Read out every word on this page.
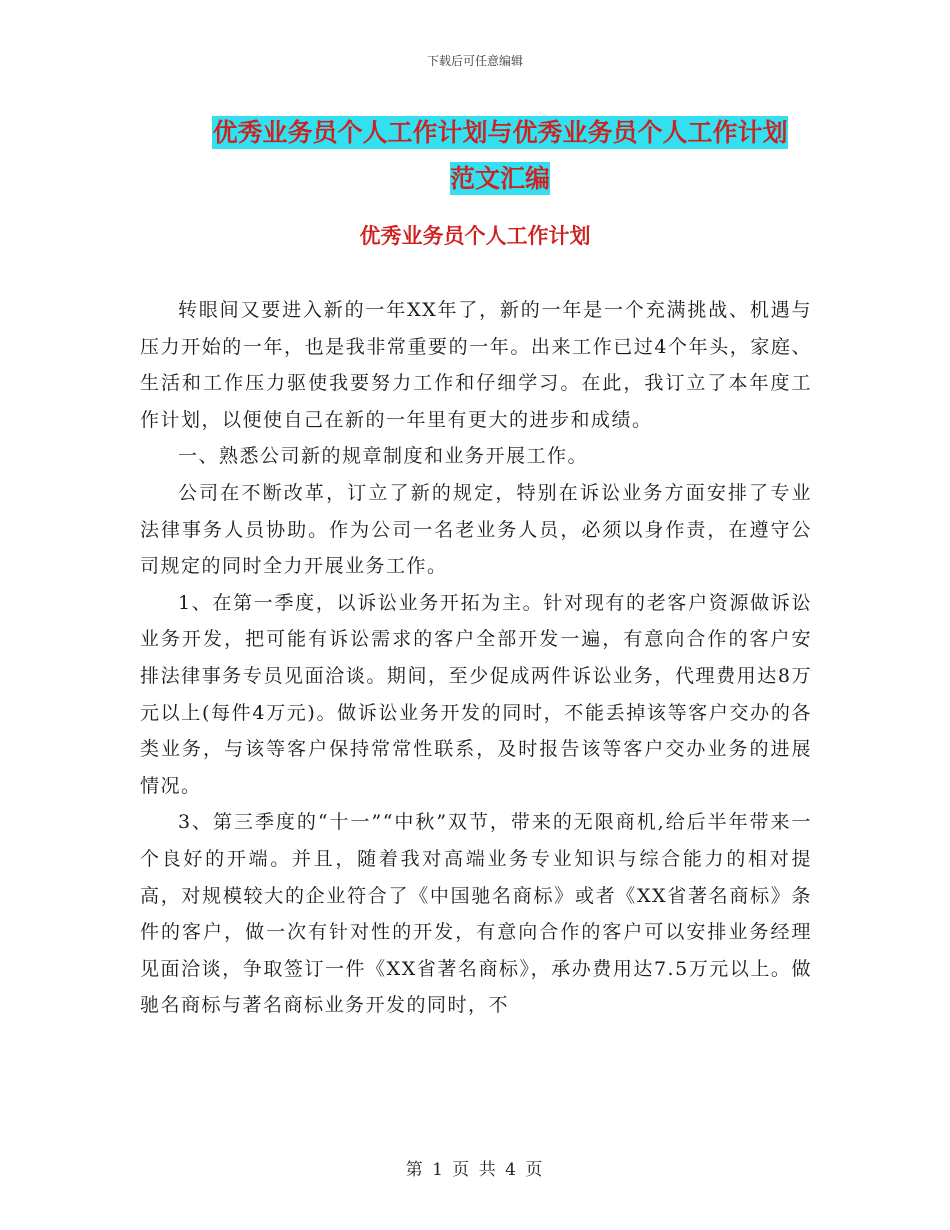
下载后可任意编辑
优秀业务员个人工作计划与优秀业务员个人工作计划
范文汇编
优秀业务员个人工作计划

转眼间又要进入新的一年XX年了，新的一年是一个充满挑战、机遇与压力开始的一年，也是我非常重要的一年。出来工作已过4个年头，家庭、生活和工作压力驱使我要努力工作和仔细学习。在此，我订立了本年度工作计划，以便使自己在新的一年里有更大的进步和成绩。

一、熟悉公司新的规章制度和业务开展工作。

公司在不断改革，订立了新的规定，特别在诉讼业务方面安排了专业法律事务人员协助。作为公司一名老业务人员，必须以身作责，在遵守公司规定的同时全力开展业务工作。

1、在第一季度，以诉讼业务开拓为主。针对现有的老客户资源做诉讼业务开发，把可能有诉讼需求的客户全部开发一遍，有意向合作的客户安排法律事务专员见面洽谈。期间，至少促成两件诉讼业务，代理费用达8万元以上(每件4万元)。做诉讼业务开发的同时，不能丢掉该等客户交办的各类业务，与该等客户保持常常性联系，及时报告该等客户交办业务的进展情况。

3、第三季度的“十一”“中秋”双节，带来的无限商机,给后半年带来一个良好的开端。并且，随着我对高端业务专业知识与综合能力的相对提高，对规模较大的企业符合了《中国驰名商标》或者《XX省著名商标》条件的客户，做一次有针对性的开发，有意向合作的客户可以安排业务经理见面洽谈，争取签订一件《XX省著名商标》，承办费用达7.5万元以上。做驰名商标与著名商标业务开发的同时，不

第 1 页 共 4 页
